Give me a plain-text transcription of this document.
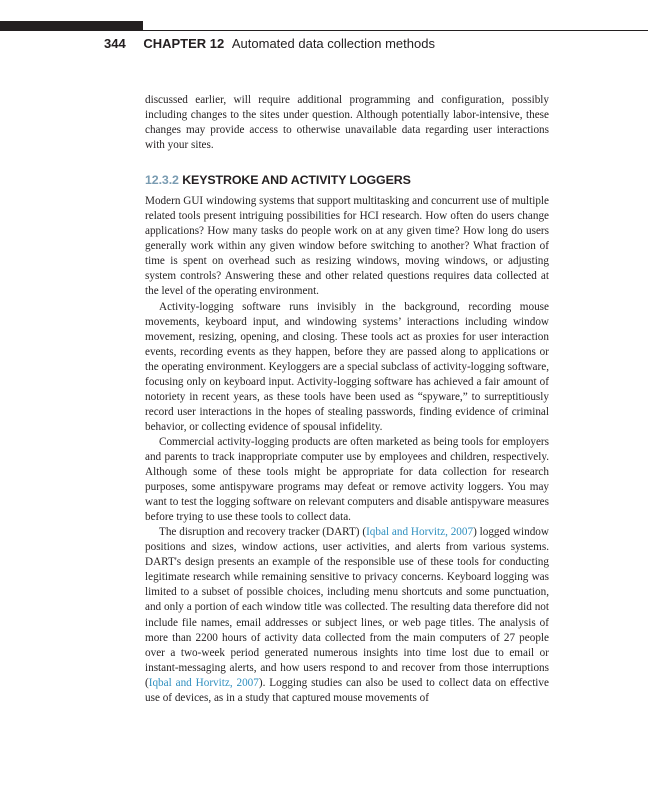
344 CHAPTER 12 Automated data collection methods

discussed earlier, will require additional programming and configuration, possibly including changes to the sites under question. Although potentially labor-intensive, these changes may provide access to otherwise unavailable data regarding user interactions with your sites.

12.3.2 KEYSTROKE AND ACTIVITY LOGGERS

Modern GUI windowing systems that support multitasking and concurrent use of multiple related tools present intriguing possibilities for HCI research. How often do users change applications? How many tasks do people work on at any given time? How long do users generally work within any given window before switching to another? What fraction of time is spent on overhead such as resizing windows, moving windows, or adjusting system controls? Answering these and other related questions requires data collected at the level of the operating environment.

Activity-logging software runs invisibly in the background, recording mouse movements, keyboard input, and windowing systems’ interactions including window movement, resizing, opening, and closing. These tools act as proxies for user interaction events, recording events as they happen, before they are passed along to applications or the operating environment. Keyloggers are a special subclass of activity-logging software, focusing only on keyboard input. Activity-logging software has achieved a fair amount of notoriety in recent years, as these tools have been used as “spyware,” to surreptitiously record user interactions in the hopes of stealing passwords, finding evidence of criminal behavior, or collecting evidence of spousal infidelity.

Commercial activity-logging products are often marketed as being tools for employers and parents to track inappropriate computer use by employees and children, respectively. Although some of these tools might be appropriate for data collection for research purposes, some antispyware programs may defeat or remove activity loggers. You may want to test the logging software on relevant computers and disable antispyware measures before trying to use these tools to collect data.

The disruption and recovery tracker (DART) (Iqbal and Horvitz, 2007) logged window positions and sizes, window actions, user activities, and alerts from various systems. DART's design presents an example of the responsible use of these tools for conducting legitimate research while remaining sensitive to privacy concerns. Keyboard logging was limited to a subset of possible choices, including menu shortcuts and some punctuation, and only a portion of each window title was collected. The resulting data therefore did not include file names, email addresses or subject lines, or web page titles. The analysis of more than 2200 hours of activity data collected from the main computers of 27 people over a two-week period generated numerous insights into time lost due to email or instant-messaging alerts, and how users respond to and recover from those interruptions (Iqbal and Horvitz, 2007). Logging studies can also be used to collect data on effective use of devices, as in a study that captured mouse movements of
